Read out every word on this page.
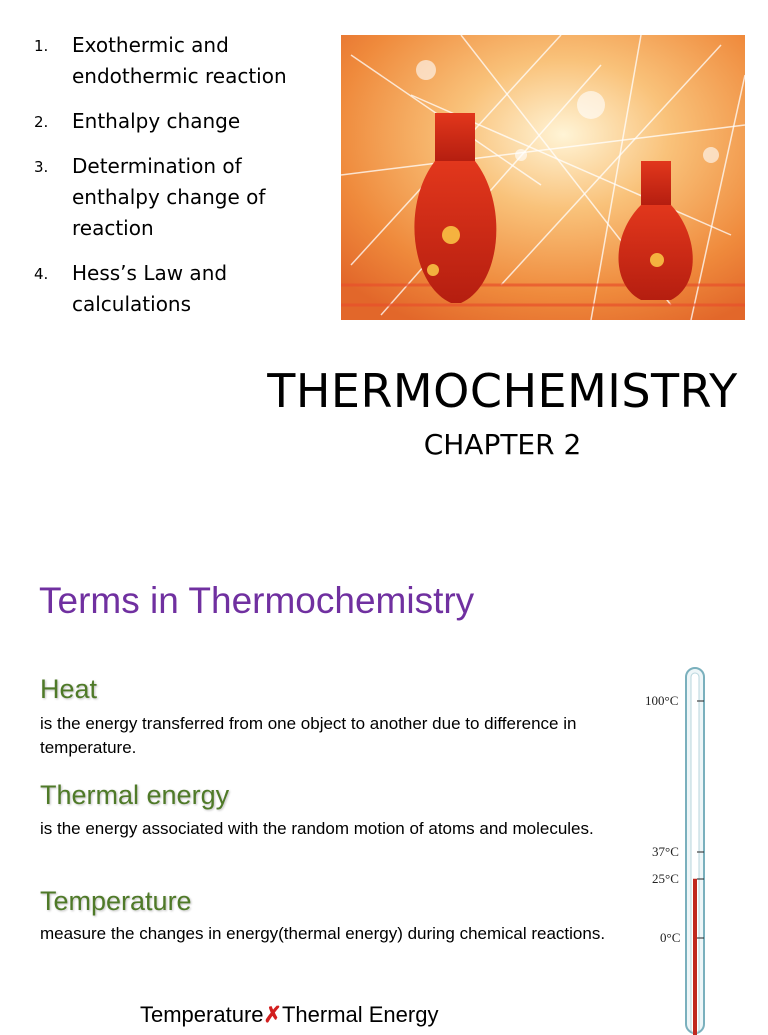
1. Exothermic and endothermic reaction
2. Enthalpy change
3. Determination of enthalpy change of reaction
4. Hess’s Law and calculations
THERMOCHEMISTRY
CHAPTER 2
Terms in Thermochemistry
Heat
is the energy transferred from one object to another due to difference in temperature.
Thermal energy
is the energy associated with the random motion of atoms and molecules.
Temperature
measure the changes in energy(thermal energy) during chemical reactions.
Temperature✗Thermal Energy
100°C
37°C
25°C
0°C
